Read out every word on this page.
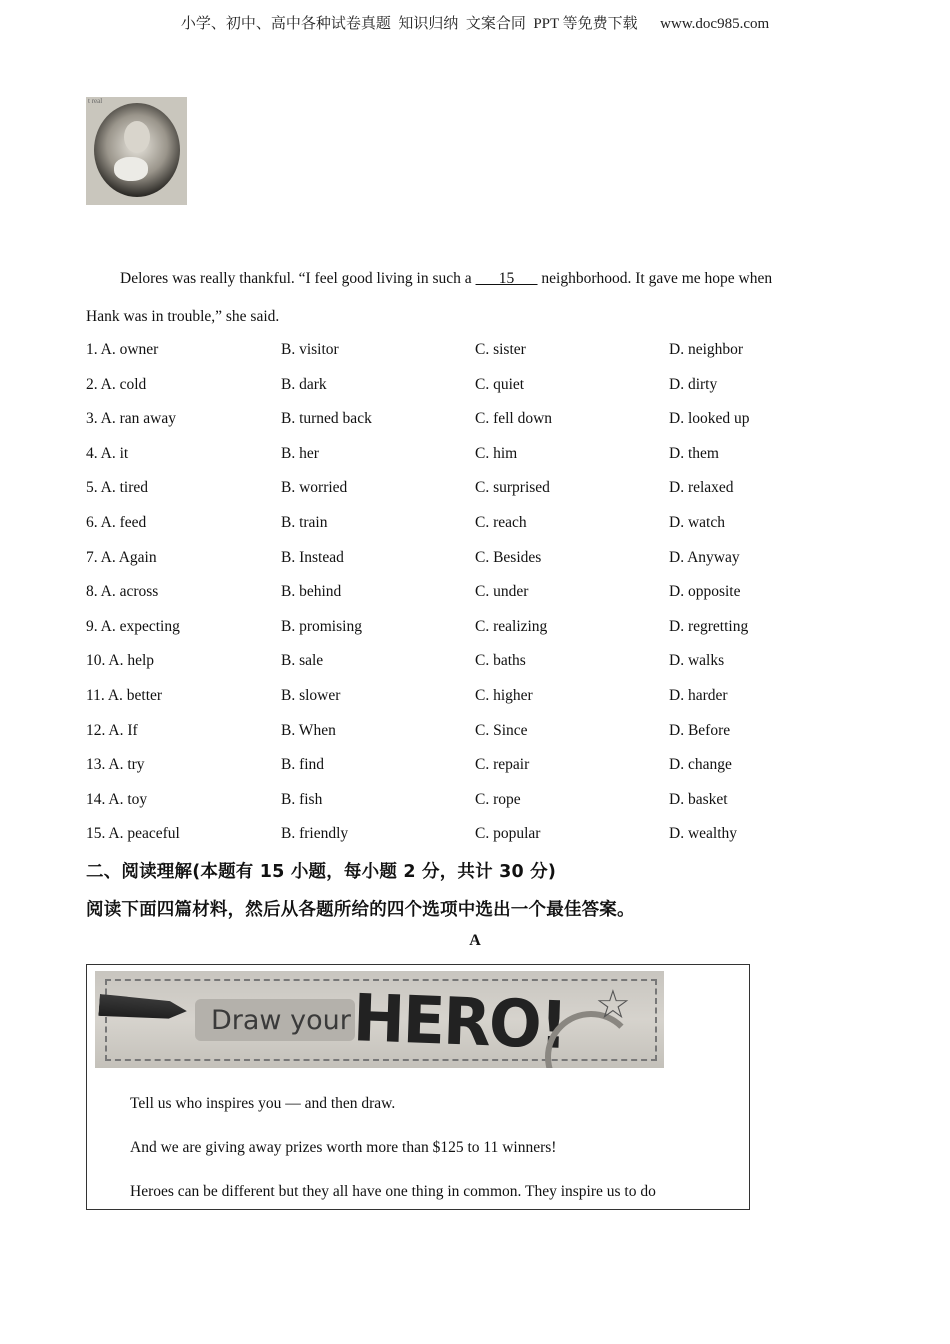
小学、初中、高中各种试卷真题  知识归纳  文案合同  PPT 等免费下载      www.doc985.com
t real
Delores was really thankful. “I feel good living in such a       15       neighborhood. It gave me hope when
Hank was in trouble,” she said.
1. A. owner	B. visitor	C. sister	D. neighbor
2. A. cold	B. dark	C. quiet	D. dirty
3. A. ran away	B. turned back	C. fell down	D. looked up
4. A. it	B. her	C. him	D. them
5. A. tired	B. worried	C. surprised	D. relaxed
6. A. feed	B. train	C. reach	D. watch
7. A. Again	B. Instead	C. Besides	D. Anyway
8. A. across	B. behind	C. under	D. opposite
9. A. expecting	B. promising	C. realizing	D. regretting
10. A. help	B. sale	C. baths	D. walks
11. A. better	B. slower	C. higher	D. harder
12. A. If	B. When	C. Since	D. Before
13. A. try	B. find	C. repair	D. change
14. A. toy	B. fish	C. rope	D. basket
15. A. peaceful	B. friendly	C. popular	D. wealthy
二、阅读理解(本题有 15 小题，每小题 2 分，共计 30 分)
阅读下面四篇材料，然后从各题所给的四个选项中选出一个最佳答案。
A
Draw your HERO! ☆
Tell us who inspires you — and then draw.
And we are giving away prizes worth more than $125 to 11 winners!
Heroes can be different but they all have one thing in common. They inspire us to do
